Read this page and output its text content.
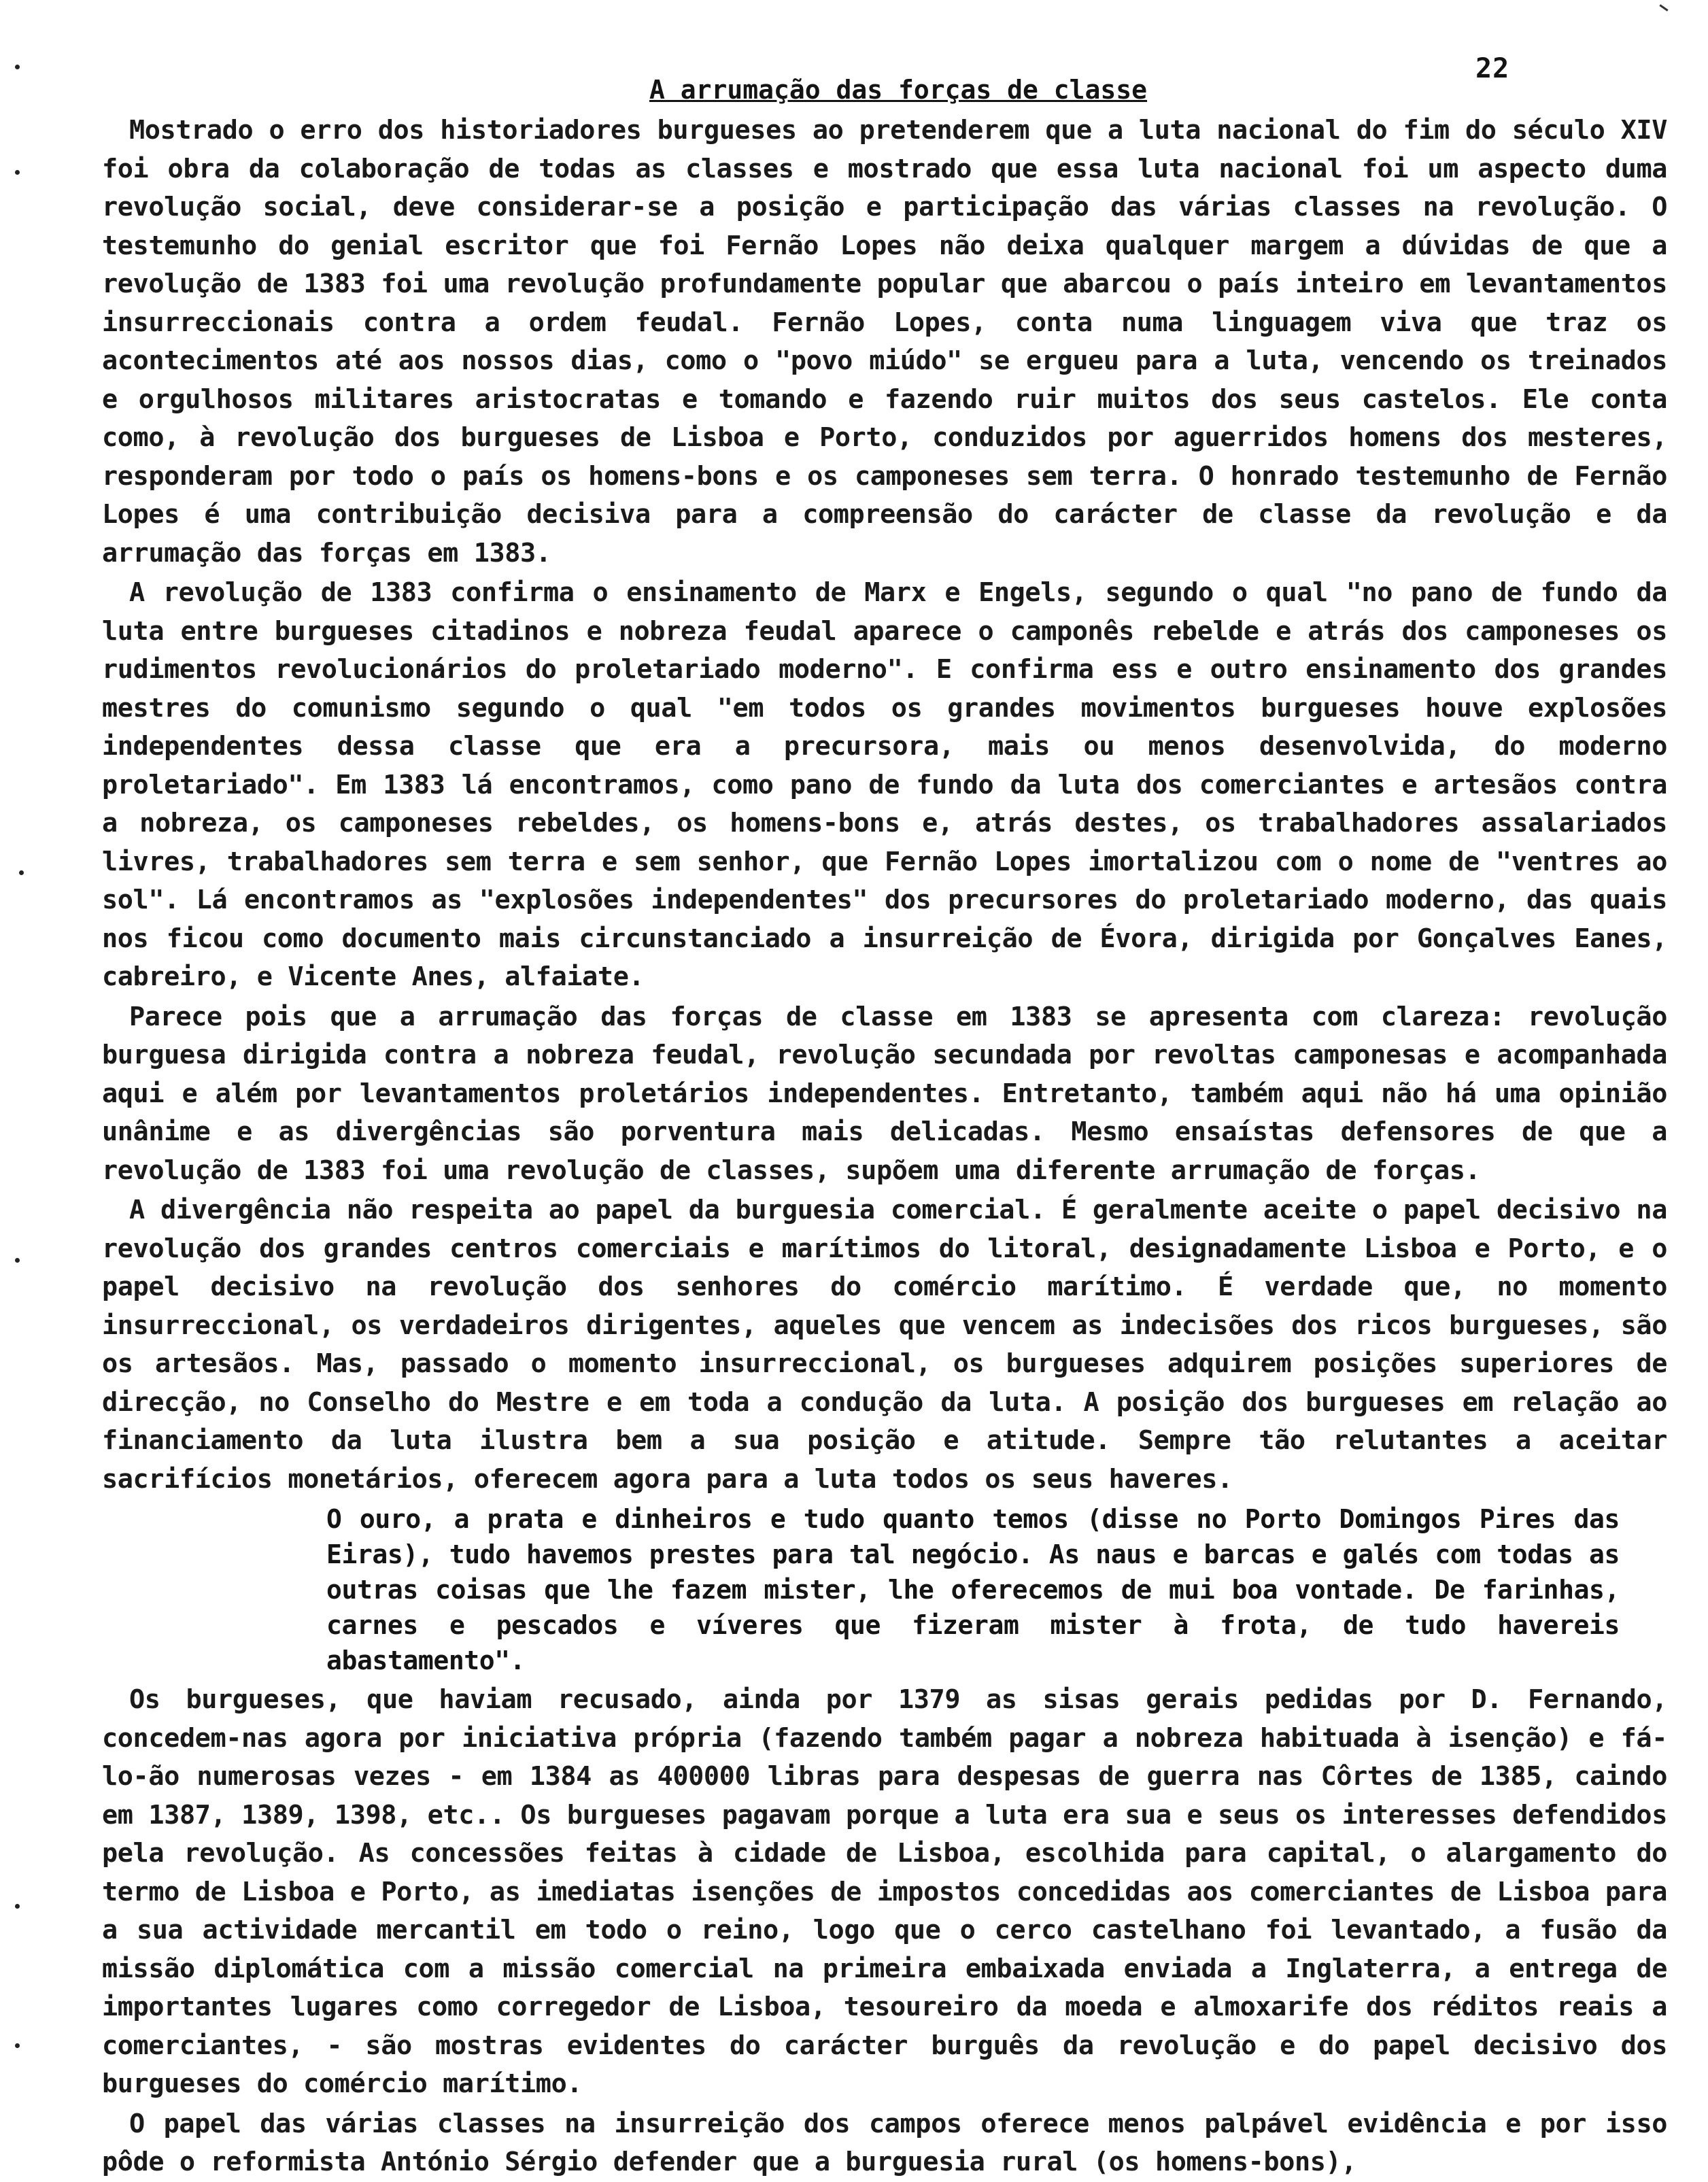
22
A arrumação das forças de classe

Mostrado o erro dos historiadores burgueses ao pretenderem que a luta nacional do fim do século XIV foi obra da colaboração de todas as classes e mostrado que essa luta nacional foi um aspecto duma revolução social, deve considerar-se a posição e participação das várias classes na revolução. O testemunho do genial escritor que foi Fernão Lopes não deixa qualquer margem a dúvidas de que a revolução de 1383 foi uma revolução profundamente popular que abarcou o país inteiro em levantamentos insurreccionais contra a ordem feudal. Fernão Lopes, conta numa linguagem viva que traz os acontecimentos até aos nossos dias, como o "povo miúdo" se ergueu para a luta, vencendo os treinados e orgulhosos militares aristocratas e tomando e fazendo ruir muitos dos seus castelos. Ele conta como, à revolução dos burgueses de Lisboa e Porto, conduzidos por aguerridos homens dos mesteres, responderam por todo o país os homens-bons e os camponeses sem terra. O honrado testemunho de Fernão Lopes é uma contribuição decisiva para a compreensão do carácter de classe da revolução e da arrumação das forças em 1383.

A revolução de 1383 confirma o ensinamento de Marx e Engels, segundo o qual "no pano de fundo da luta entre burgueses citadinos e nobreza feudal aparece o camponês rebelde e atrás dos camponeses os rudimentos revolucionários do proletariado moderno". E confirma ess e outro ensinamento dos grandes mestres do comunismo segundo o qual "em todos os grandes movimentos burgueses houve explosões independentes dessa classe que era a precursora, mais ou menos desenvolvida, do moderno proletariado". Em 1383 lá encontramos, como pano de fundo da luta dos comerciantes e artesãos contra a nobreza, os camponeses rebeldes, os homens-bons e, atrás destes, os trabalhadores assalariados livres, trabalhadores sem terra e sem senhor, que Fernão Lopes imortalizou com o nome de "ventres ao sol". Lá encontramos as "explosões independentes" dos precursores do proletariado moderno, das quais nos ficou como documento mais circunstanciado a insurreição de Évora, dirigida por Gonçalves Eanes, cabreiro, e Vicente Anes, alfaiate.

Parece pois que a arrumação das forças de classe em 1383 se apresenta com clareza: revolução burguesa dirigida contra a nobreza feudal, revolução secundada por revoltas camponesas e acompanhada aqui e além por levantamentos proletários independentes. Entretanto, também aqui não há uma opinião unânime e as divergências são porventura mais delicadas. Mesmo ensaístas defensores de que a revolução de 1383 foi uma revolução de classes, supõem uma diferente arrumação de forças.

A divergência não respeita ao papel da burguesia comercial. É geralmente aceite o papel decisivo na revolução dos grandes centros comerciais e marítimos do litoral, designadamente Lisboa e Porto, e o papel decisivo na revolução dos senhores do comércio marítimo. É verdade que, no momento insurreccional, os verdadeiros dirigentes, aqueles que vencem as indecisões dos ricos burgueses, são os artesãos. Mas, passado o momento insurreccional, os burgueses adquirem posições superiores de direcção, no Conselho do Mestre e em toda a condução da luta. A posição dos burgueses em relação ao financiamento da luta ilustra bem a sua posição e atitude. Sempre tão relutantes a aceitar sacrifícios monetários, oferecem agora para a luta todos os seus haveres.

O ouro, a prata e dinheiros e tudo quanto temos (disse no Porto Domingos Pires das Eiras), tudo havemos prestes para tal negócio. As naus e barcas e galés com todas as outras coisas que lhe fazem mister, lhe oferecemos de mui boa vontade. De farinhas, carnes e pescados e víveres que fizeram mister à frota, de tudo havereis abastamento".

Os burgueses, que haviam recusado, ainda por 1379 as sisas gerais pedidas por D. Fernando, concedem-nas agora por iniciativa própria (fazendo também pagar a nobreza habituada à isenção) e fá-lo-ão numerosas vezes - em 1384 as 400000 libras para despesas de guerra nas Côrtes de 1385, caindo em 1387, 1389, 1398, etc.. Os burgueses pagavam porque a luta era sua e seus os interesses defendidos pela revolução. As concessões feitas à cidade de Lisboa, escolhida para capital, o alargamento do termo de Lisboa e Porto, as imediatas isenções de impostos concedidas aos comerciantes de Lisboa para a sua actividade mercantil em todo o reino, logo que o cerco castelhano foi levantado, a fusão da missão diplomática com a missão comercial na primeira embaixada enviada a Inglaterra, a entrega de importantes lugares como corregedor de Lisboa, tesoureiro da moeda e almoxarife dos réditos reais a comerciantes, - são mostras evidentes do carácter burguês da revolução e do papel decisivo dos burgueses do comércio marítimo.

O papel das várias classes na insurreição dos campos oferece menos palpável evidência e por isso pôde o reformista António Sérgio defender que a burguesia rural (os homens-bons),
